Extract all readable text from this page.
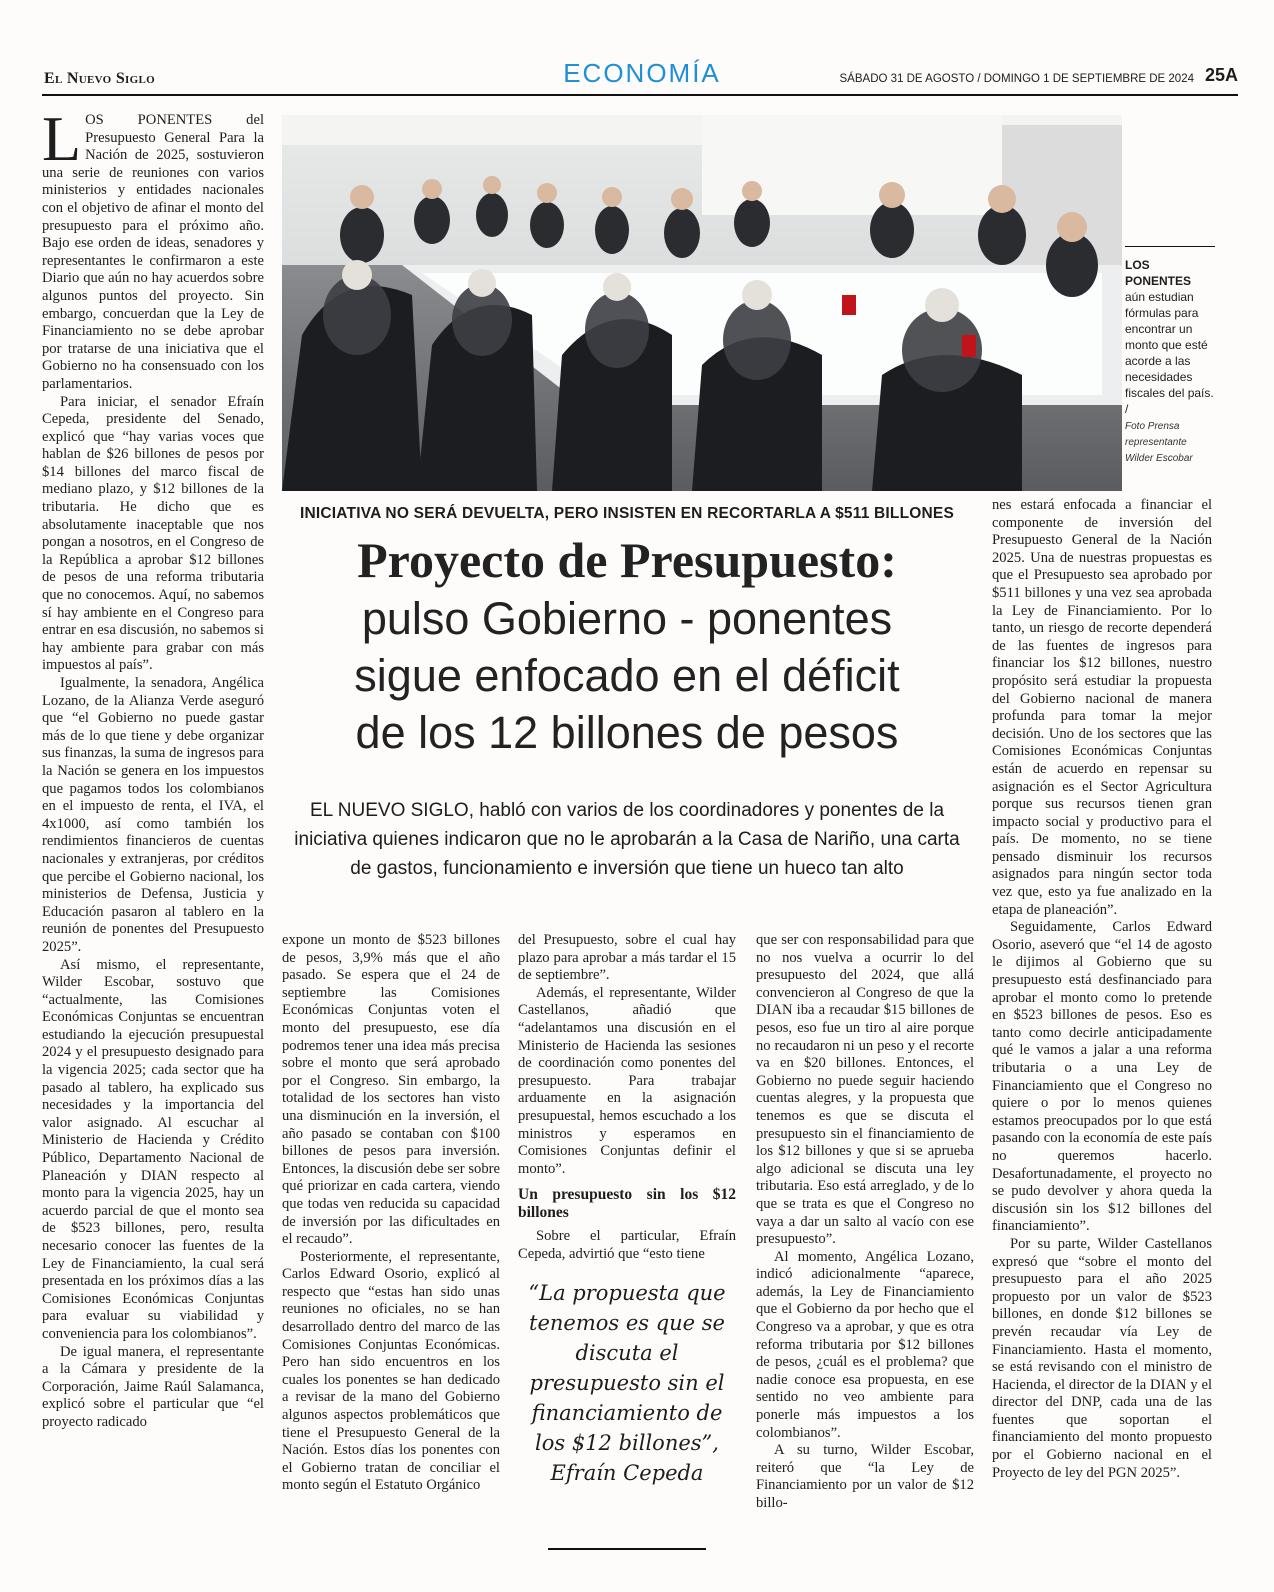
El Nuevo Siglo	ECONOMÍA	SÁBADO 31 DE AGOSTO / DOMINGO 1 DE SEPTIEMBRE DE 2024 25A

LOS PONENTES del Presupuesto General Para la Nación de 2025, sostuvieron una serie de reuniones con varios ministerios y entidades nacionales con el objetivo de afinar el monto del presupuesto para el próximo año. Bajo ese orden de ideas, senadores y representantes le confirmaron a este Diario que aún no hay acuerdos sobre algunos puntos del proyecto. Sin embargo, concuerdan que la Ley de Financiamiento no se debe aprobar por tratarse de una iniciativa que el Gobierno no ha consensuado con los parlamentarios.

Para iniciar, el senador Efraín Cepeda, presidente del Senado, explicó que “hay varias voces que hablan de $26 billones de pesos por $14 billones del marco fiscal de mediano plazo, y $12 billones de la tributaria. He dicho que es absolutamente inaceptable que nos pongan a nosotros, en el Congreso de la República a aprobar $12 billones de pesos de una reforma tributaria que no conocemos. Aquí, no sabemos sí hay ambiente en el Congreso para entrar en esa discusión, no sabemos si hay ambiente para grabar con más impuestos al país”.

Igualmente, la senadora, Angélica Lozano, de la Alianza Verde aseguró que “el Gobierno no puede gastar más de lo que tiene y debe organizar sus finanzas, la suma de ingresos para la Nación se genera en los impuestos que pagamos todos los colombianos en el impuesto de renta, el IVA, el 4x1000, así como también los rendimientos financieros de cuentas nacionales y extranjeras, por créditos que percibe el Gobierno nacional, los ministerios de Defensa, Justicia y Educación pasaron al tablero en la reunión de ponentes del Presupuesto 2025”.

Así mismo, el representante, Wilder Escobar, sostuvo que “actualmente, las Comisiones Económicas Conjuntas se encuentran estudiando la ejecución presupuestal 2024 y el presupuesto designado para la vigencia 2025; cada sector que ha pasado al tablero, ha explicado sus necesidades y la importancia del valor asignado. Al escuchar al Ministerio de Hacienda y Crédito Público, Departamento Nacional de Planeación y DIAN respecto al monto para la vigencia 2025, hay un acuerdo parcial de que el monto sea de $523 billones, pero, resulta necesario conocer las fuentes de la Ley de Financiamiento, la cual será presentada en los próximos días a las Comisiones Económicas Conjuntas para evaluar su viabilidad y conveniencia para los colombianos”.

De igual manera, el representante a la Cámara y presidente de la Corporación, Jaime Raúl Salamanca, explicó sobre el particular que “el proyecto radicado

LOS PONENTES
aún estudian fórmulas para encontrar un monto que esté acorde a las necesidades fiscales del país. /
Foto Prensa representante Wilder Escobar
INICIATIVA NO SERÁ DEVUELTA, PERO INSISTEN EN RECORTARLA A $511 BILLONES
Proyecto de Presupuesto:
pulso Gobierno - ponentes
sigue enfocado en el déficit
de los 12 billones de pesos
EL NUEVO SIGLO, habló con varios de los coordinadores y ponentes de la iniciativa quienes indicaron que no le aprobarán a la Casa de Nariño, una carta de gastos, funcionamiento e inversión que tiene un hueco tan alto

expone un monto de $523 billones de pesos, 3,9% más que el año pasado. Se espera que el 24 de septiembre las Comisiones Económicas Conjuntas voten el monto del presupuesto, ese día podremos tener una idea más precisa sobre el monto que será aprobado por el Congreso. Sin embargo, la totalidad de los sectores han visto una disminución en la inversión, el año pasado se contaban con $100 billones de pesos para inversión. Entonces, la discusión debe ser sobre qué priorizar en cada cartera, viendo que todas ven reducida su capacidad de inversión por las dificultades en el recaudo”.

Posteriormente, el representante, Carlos Edward Osorio, explicó al respecto que “estas han sido unas reuniones no oficiales, no se han desarrollado dentro del marco de las Comisiones Conjuntas Económicas. Pero han sido encuentros en los cuales los ponentes se han dedicado a revisar de la mano del Gobierno algunos aspectos problemáticos que tiene el Presupuesto General de la Nación. Estos días los ponentes con el Gobierno tratan de conciliar el monto según el Estatuto Orgánico

del Presupuesto, sobre el cual hay plazo para aprobar a más tardar el 15 de septiembre”.

Además, el representante, Wilder Castellanos, añadió que “adelantamos una discusión en el Ministerio de Hacienda las sesiones de coordinación como ponentes del presupuesto. Para trabajar arduamente en la asignación presupuestal, hemos escuchado a los ministros y esperamos en Comisiones Conjuntas definir el monto”.

Un presupuesto sin los $12 billones

Sobre el particular, Efraín Cepeda, advirtió que “esto tiene

“La propuesta que tenemos es que se discuta el presupuesto sin el financiamiento de los $12 billones”, Efraín Cepeda

que ser con responsabilidad para que no nos vuelva a ocurrir lo del presupuesto del 2024, que allá convencieron al Congreso de que la DIAN iba a recaudar $15 billones de pesos, eso fue un tiro al aire porque no recaudaron ni un peso y el recorte va en $20 billones. Entonces, el Gobierno no puede seguir haciendo cuentas alegres, y la propuesta que tenemos es que se discuta el presupuesto sin el financiamiento de los $12 billones y que si se aprueba algo adicional se discuta una ley tributaria. Eso está arreglado, y de lo que se trata es que el Congreso no vaya a dar un salto al vacío con ese presupuesto”.

Al momento, Angélica Lozano, indicó adicionalmente “aparece, además, la Ley de Financiamiento que el Gobierno da por hecho que el Congreso va a aprobar, y que es otra reforma tributaria por $12 billones de pesos, ¿cuál es el problema? que nadie conoce esa propuesta, en ese sentido no veo ambiente para ponerle más impuestos a los colombianos”.

A su turno, Wilder Escobar, reiteró que “la Ley de Financiamiento por un valor de $12 billo-

nes estará enfocada a financiar el componente de inversión del Presupuesto General de la Nación 2025. Una de nuestras propuestas es que el Presupuesto sea aprobado por $511 billones y una vez sea aprobada la Ley de Financiamiento. Por lo tanto, un riesgo de recorte dependerá de las fuentes de ingresos para financiar los $12 billones, nuestro propósito será estudiar la propuesta del Gobierno nacional de manera profunda para tomar la mejor decisión. Uno de los sectores que las Comisiones Económicas Conjuntas están de acuerdo en repensar su asignación es el Sector Agricultura porque sus recursos tienen gran impacto social y productivo para el país. De momento, no se tiene pensado disminuir los recursos asignados para ningún sector toda vez que, esto ya fue analizado en la etapa de planeación”.

Seguidamente, Carlos Edward Osorio, aseveró que “el 14 de agosto le dijimos al Gobierno que su presupuesto está desfinanciado para aprobar el monto como lo pretende en $523 billones de pesos. Eso es tanto como decirle anticipadamente qué le vamos a jalar a una reforma tributaria o a una Ley de Financiamiento que el Congreso no quiere o por lo menos quienes estamos preocupados por lo que está pasando con la economía de este país no queremos hacerlo. Desafortunadamente, el proyecto no se pudo devolver y ahora queda la discusión sin los $12 billones del financiamiento”.

Por su parte, Wilder Castellanos expresó que “sobre el monto del presupuesto para el año 2025 propuesto por un valor de $523 billones, en donde $12 billones se prevén recaudar vía Ley de Financiamiento. Hasta el momento, se está revisando con el ministro de Hacienda, el director de la DIAN y el director del DNP, cada una de las fuentes que soportan el financiamiento del monto propuesto por el Gobierno nacional en el Proyecto de ley del PGN 2025”.
